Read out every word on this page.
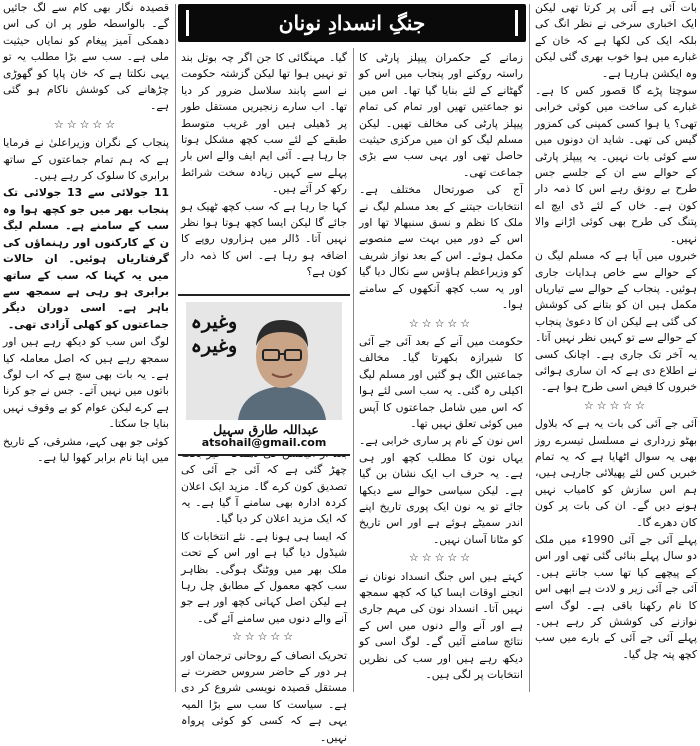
بات آئی ہے آئی پر کرتا تھی لیکن ایک اخباری سرخی نے نظر انگ کی بلکہ ایک کی لکھا ہے کہ خان کے غبارے میں ہوا خوب بھری گئی لیکن وہ ایکشن ہارہا ہے۔

سوچتا پڑے گا قصور کس کا ہے۔ غبارے کی ساخت میں کوئی خرابی تھی؟ یا ہوا کسی کمپنی کی کمزور گیس کی تھی۔ شاید ان دونوں میں سے کوئی بات نہیں۔ یہ پیپلز پارٹی کے حوالے سے ان کے جلسے جس طرح بے رونق رہے اس کا ذمہ دار کون ہے۔ خاں کے لئے ڈی ایچ اے پتنگ کی طرح بھی کوئی اڑانے والا نہیں۔

خبروں میں آیا ہے کہ مسلم لیگ ن کے حوالے سے خاص ہدایات جاری ہوئیں۔ پنجاب کے حوالے سے تیاریاں مکمل ہیں ان کو بتانے کی کوشش کی گئی ہے لیکن ان کا دعویٰ پنجاب کے حوالے سے تو کہیں نظر نہیں آتا۔ یہ آخر تک جاری ہے۔ اچانک کسی نے اطلاع دی ہے کہ ان ساری ہوائی خبروں کا فیض اسی طرح ہوا ہے۔

☆☆☆☆☆

آئی جے آئی کی بات یہ ہے کہ بلاول بھٹو زرداری نے مسلسل تیسرے روز بھی یہ سوال اٹھایا ہے کہ یہ تمام خبریں کس لئے پھیلائی جارہی ہیں، ہم اس سازش کو کامیاب نہیں ہونے دیں گے۔ ان کی بات پر کون کان دھرے گا۔

پہلے آئی جے آئی 1990ء میں ملک دو سال پہلے بنائی گئی تھی اور اس کے پیچھے کیا تھا سب جانتے ہیں۔ آئی جے آئی زیر و لادت ہے ابھی اس کا نام رکھنا باقی ہے۔ لوگ اسے نوازنے کی کوشش کر رہے ہیں۔ پہلے آئی جے آئی کے بارے میں سب کچھ پتہ چل گیا۔

جنگِ انسدادِ نونان

زمانے کے حکمران پیپلز پارٹی کا راستہ روکنے اور پنجاب میں اس کو گھٹانے کے لئے بنایا گیا تھا۔ اس میں نو جماعتیں تھیں اور تمام کی تمام پیپلز پارٹی کی مخالف تھیں۔ لیکن مسلم لیگ کو ان میں مرکزی حیثیت حاصل تھی اور یہی سب سے بڑی جماعت تھی۔

آج کی صورتحال مختلف ہے۔ انتخابات جیتنے کے بعد مسلم لیگ نے ملک کا نظم و نسق سنبھالا تھا اور اس کے دور میں بہت سے منصوبے مکمل ہوئے۔ اس کے بعد نواز شریف کو وزیراعظم ہاؤس سے نکال دیا گیا اور یہ سب کچھ آنکھوں کے سامنے ہوا۔

☆☆☆☆☆

حکومت میں آنے کے بعد آئی جے آئی کا شیرازہ بکھرتا گیا۔ مخالف جماعتیں الگ ہو گئیں اور مسلم لیگ اکیلی رہ گئی۔ یہ سب اسی لئے ہوا کہ اس میں شامل جماعتوں کا آپس میں کوئی تعلق نہیں تھا۔

اس نون کے نام پر ساری خرابی ہے۔ یہاں نون کا مطلب کچھ اور ہی ہے۔ یہ حرف اب ایک نشان بن گیا ہے۔ لیکن سیاسی حوالے سے دیکھا جائے تو یہ نون ایک پوری تاریخ اپنے اندر سمیٹے ہوئے ہے اور اس تاریخ کو مٹانا آسان نہیں۔

☆☆☆☆☆

کہتے ہیں اس جنگ انسداد نونان نے انجنے اوقات ایسا کیا کہ کچھ سمجھ نہیں آتا۔ انسداد نون کی مہم جاری ہے اور آنے والے دنوں میں اس کے نتائج سامنے آئیں گے۔ لوگ اسی کو دیکھ رہے ہیں اور سب کی نظریں انتخابات پر لگی ہیں۔

گیا۔ مہنگائی کا جن اگر چہ بوتل بند تو نہیں ہوا تھا لیکن گزشتہ حکومت نے اسے پابند سلاسل ضرور کر دیا تھا۔ اب سارے زنجیریں مستقل طور پر ڈھیلی ہیں اور غریب متوسط طبقے کے لئے سب کچھ مشکل ہوتا جا رہا ہے۔ آئی ایم ایف والے اس بار پہلے سے کہیں زیادہ سخت شرائط رکھ کر آئے ہیں۔

کہا جا رہا ہے کہ سب کچھ ٹھیک ہو جائے گا لیکن ایسا کچھ ہوتا ہوا نظر نہیں آتا۔ ڈالر میں ہزاروں روپے کا اضافہ ہو رہا ہے۔ اس کا ذمہ دار کون ہے؟

چھڑ گئی ہے کہ آئی جے آئی کی تصدیق کون کرے گا۔ مزید ایک اعلان کردہ ادارہ بھی سامنے آ گیا ہے۔ یہ کہ ایک مزید اعلان کر دیا گیا۔

کہ ایسا ہی ہونا ہے۔ نئے انتخابات کا شیڈول دیا گیا ہے اور اس کے تحت ملک بھر میں ووٹنگ ہوگی۔ بظاہر سب کچھ معمول کے مطابق چل رہا ہے لیکن اصل کہانی کچھ اور ہے جو آنے والے دنوں میں سامنے آئے گی۔

☆☆☆☆☆

تحریک انصاف کے روحانی ترجمان اور ہر دور کے حاضر سروس حضرت نے مستقل قصیدہ نویسی شروع کر دی ہے۔ سیاست کا سب سے بڑا المیہ یہی ہے کہ کسی کو کوئی پرواہ نہیں۔

وغیرہ وغیرہ
عبداللہ طارق سہیل
atsohail@gmail.com

قصیدہ نگار بھی کام سے لگ جائیں گے۔ بالواسطہ طور پر ان کی اس دھمکی آمیز پیغام کو نمایاں حیثیت ملی ہے۔ سب سے بڑا مطلب یہ تو یہی نکلتا ہے کہ خان پاپا کو گھوڑی چڑھانے کی کوشش ناکام ہو گئی ہے۔

☆☆☆☆☆

پنجاب کے نگران وزیراعلیٰ نے فرمایا ہے کہ ہم تمام جماعتوں کے ساتھ برابری کا سلوک کر رہے ہیں۔

11 جولائی سے 13 جولائی تک پنجاب بھر میں جو کچھ ہوا وہ سب کے سامنے ہے۔ مسلم لیگ ن کے کارکنوں اور رہنماؤں کی گرفتاریاں ہوئیں۔ ان حالات میں یہ کہنا کہ سب کے ساتھ برابری ہو رہی ہے سمجھ سے باہر ہے۔ اسی دوران دیگر جماعتوں کو کھلی آزادی تھی۔

لوگ اس سب کو دیکھ رہے ہیں اور سمجھ رہے ہیں کہ اصل معاملہ کیا ہے۔ یہ بات بھی سچ ہے کہ اب لوگ باتوں میں نہیں آتے۔ جس نے جو کرنا ہے کرے لیکن عوام کو بے وقوف نہیں بنایا جا سکتا۔

کوئی جو بھی کہے، مشرقی، کے تاریخ میں اپنا نام برابر کھوا لیا ہے۔
